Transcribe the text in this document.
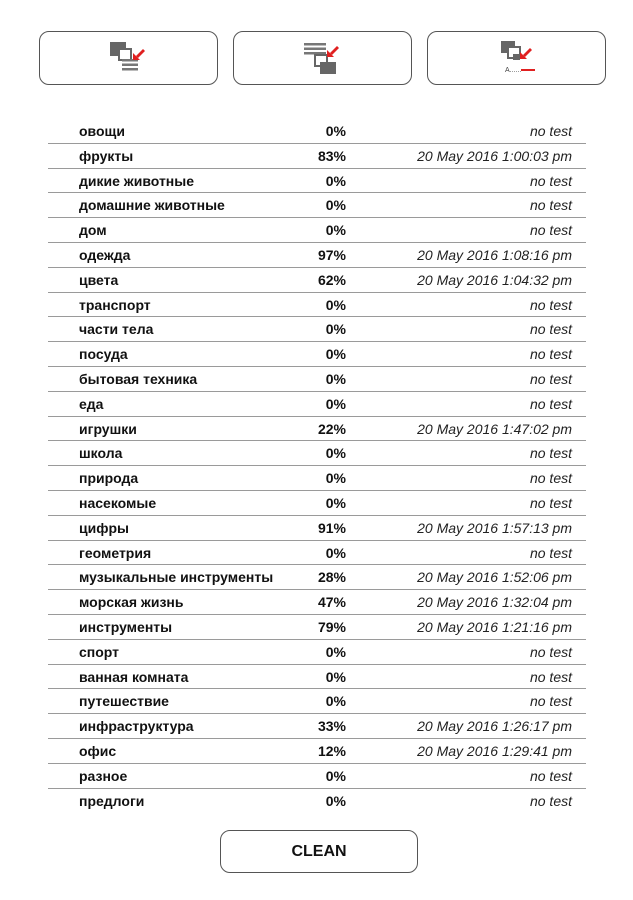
A......
овощи	0%	no test
фрукты	83%	20 May 2016 1:00:03 pm
дикие животные	0%	no test
домашние животные	0%	no test
дом	0%	no test
одежда	97%	20 May 2016 1:08:16 pm
цвета	62%	20 May 2016 1:04:32 pm
транспорт	0%	no test
части тела	0%	no test
посуда	0%	no test
бытовая техника	0%	no test
еда	0%	no test
игрушки	22%	20 May 2016 1:47:02 pm
школа	0%	no test
природа	0%	no test
насекомые	0%	no test
цифры	91%	20 May 2016 1:57:13 pm
геометрия	0%	no test
музыкальные инструменты	28%	20 May 2016 1:52:06 pm
морская жизнь	47%	20 May 2016 1:32:04 pm
инструменты	79%	20 May 2016 1:21:16 pm
спорт	0%	no test
ванная комната	0%	no test
путешествие	0%	no test
инфраструктура	33%	20 May 2016 1:26:17 pm
офис	12%	20 May 2016 1:29:41 pm
разное	0%	no test
предлоги	0%	no test
CLEAN
